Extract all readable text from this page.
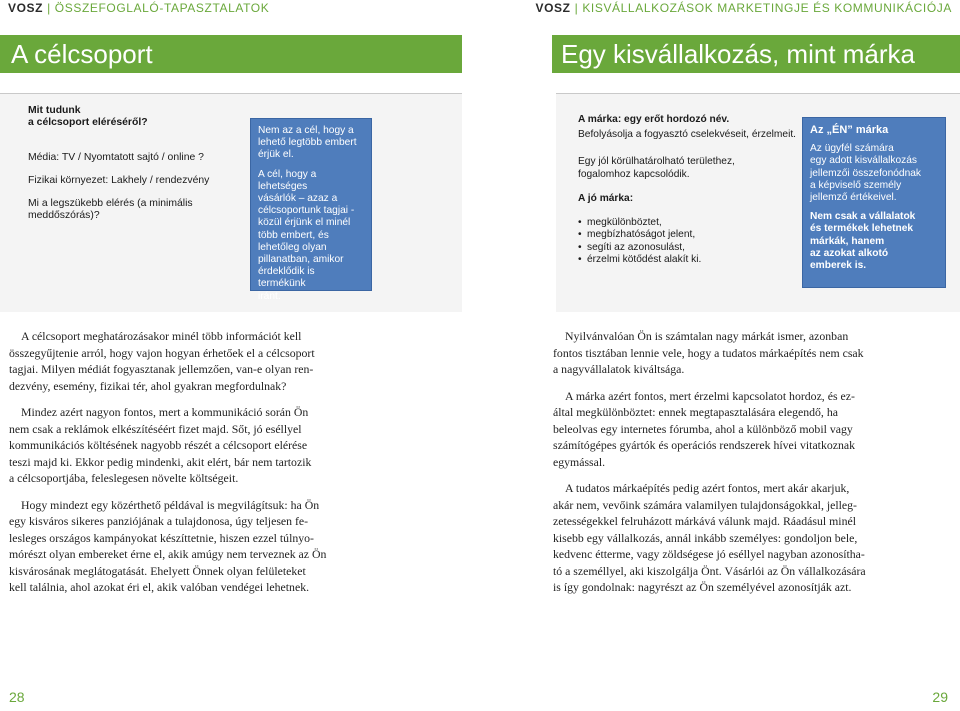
VOSZ | ÖSSZEFOGLALÓ-TAPASZTALATOK
A célcsoport

Mit tudunk
a célcsoport eléréséről?

Média: TV / Nyomtatott sajtó / online ?

Fizikai környezet: Lakhely / rendezvény

Mi a legszükebb elérés (a minimális
meddőszórás)?

Nem az a cél, hogy a
lehető legtöbb embert
érjük el.

A cél, hogy a lehetséges
vásárlók – azaz a
célcsoportunk tagjai -
közül érjünk el minél
több embert, és
lehetőleg olyan
pillanatban, amikor
érdeklődik is termékünk
iránt.

A célcsoport meghatározásakor minél több információt kell
összegyűjtenie arról, hogy vajon hogyan érhetőek el a célcsoport
tagjai. Milyen médiát fogyasztanak jellemzően, van-e olyan ren-
dezvény, esemény, fizikai tér, ahol gyakran megfordulnak?

Mindez azért nagyon fontos, mert a kommunikáció során Ön
nem csak a reklámok elkészítéséért fizet majd. Sőt, jó eséllyel
kommunikációs költésének nagyobb részét a célcsoport elérése
teszi majd ki. Ekkor pedig mindenki, akit elért, bár nem tartozik
a célcsoportjába, feleslegesen növelte költségeit.

Hogy mindezt egy közérthető példával is megvilágítsuk: ha Ön
egy kisváros sikeres panziójának a tulajdonosa, úgy teljesen fe-
lesleges országos kampányokat készíttetnie, hiszen ezzel túlnyo-
mórészt olyan embereket érne el, akik amúgy nem terveznek az Ön
kisvárosának meglátogatását. Ehelyett Önnek olyan felületeket
kell találnia, ahol azokat éri el, akik valóban vendégei lehetnek.

28
VOSZ | KISVÁLLALKOZÁSOK MARKETINGJE ÉS KOMMUNIKÁCIÓJA
Egy kisvállalkozás, mint márka

A márka: egy erőt hordozó név.

Befolyásolja a fogyasztó cselekvéseit, érzelmeit.

Egy jól körülhatárolható területhez,
fogalomhoz kapcsolódik.

A jó márka:

• megkülönböztet,
• megbízhatóságot jelent,
• segíti az azonosulást,
• érzelmi kötődést alakít ki.

Az „ÉN” márka

Az ügyfél számára
egy adott kisvállalkozás
jellemzői összefonódnak
a képviselő személy
jellemző értékeivel.

Nem csak a vállalatok
és termékek lehetnek
márkák, hanem
az azokat alkotó
emberek is.

Nyilvánvalóan Ön is számtalan nagy márkát ismer, azonban
fontos tisztában lennie vele, hogy a tudatos márkaépítés nem csak
a nagyvállalatok kiváltsága.

A márka azért fontos, mert érzelmi kapcsolatot hordoz, és ez-
által megkülönböztet: ennek megtapasztalására elegendő, ha
beleolvas egy internetes fórumba, ahol a különböző mobil vagy
számítógépes gyártók és operációs rendszerek hívei vitatkoznak
egymással.

A tudatos márkaépítés pedig azért fontos, mert akár akarjuk,
akár nem, vevőink számára valamilyen tulajdonságokkal, jelleg-
zetességekkel felruházott márkává válunk majd. Ráadásul minél
kisebb egy vállalkozás, annál inkább személyes: gondoljon bele,
kedvenc étterme, vagy zöldségese jó eséllyel nagyban azonosítha-
tó a személlyel, aki kiszolgálja Önt. Vásárlói az Ön vállalkozására
is így gondolnak: nagyrészt az Ön személyével azonosítják azt.

29
